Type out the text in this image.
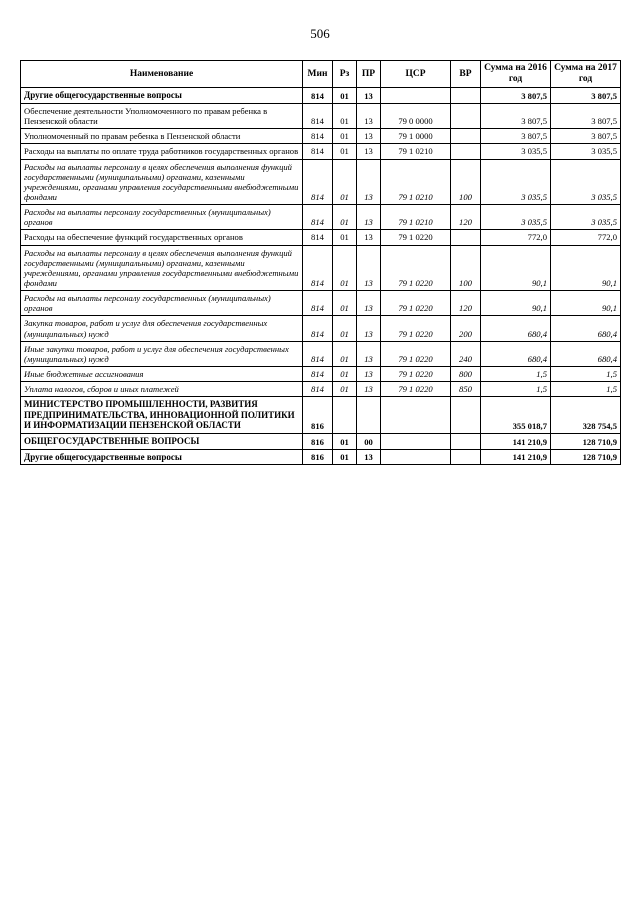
506
Наименование	Мин	Рз	ПР	ЦСР	ВР	Сумма на 2016 год	Сумма на 2017 год
Другие общегосударственные вопросы	814	01	13			3 807,5	3 807,5
Обеспечение деятельности Уполномоченного по правам ребенка в Пензенской области	814	01	13	79 0 0000		3 807,5	3 807,5
Уполномоченный по правам ребенка в Пензенской области	814	01	13	79 1 0000		3 807,5	3 807,5
Расходы на выплаты по оплате труда работников государственных органов	814	01	13	79 1 0210		3 035,5	3 035,5
Расходы на выплаты персоналу в целях обеспечения выполнения функций государственными (муниципальными) органами, казенными учреждениями, органами управления государственными внебюджетными фондами	814	01	13	79 1 0210	100	3 035,5	3 035,5
Расходы на выплаты персоналу государственных (муниципальных) органов	814	01	13	79 1 0210	120	3 035,5	3 035,5
Расходы на обеспечение функций государственных органов	814	01	13	79 1 0220		772,0	772,0
Расходы на выплаты персоналу в целях обеспечения выполнения функций государственными (муниципальными) органами, казенными учреждениями, органами управления государственными внебюджетными фондами	814	01	13	79 1 0220	100	90,1	90,1
Расходы на выплаты персоналу государственных (муниципальных) органов	814	01	13	79 1 0220	120	90,1	90,1
Закупка товаров, работ и услуг для обеспечения государственных (муниципальных) нужд	814	01	13	79 1 0220	200	680,4	680,4
Иные закупки товаров, работ и услуг для обеспечения государственных (муниципальных) нужд	814	01	13	79 1 0220	240	680,4	680,4
Иные бюджетные ассигнования	814	01	13	79 1 0220	800	1,5	1,5
Уплата налогов, сборов и иных платежей	814	01	13	79 1 0220	850	1,5	1,5
МИНИСТЕРСТВО ПРОМЫШЛЕННОСТИ, РАЗВИТИЯ ПРЕДПРИНИМАТЕЛЬСТВА, ИННОВАЦИОННОЙ ПОЛИТИКИ И ИНФОРМАТИЗАЦИИ ПЕНЗЕНСКОЙ ОБЛАСТИ	816					355 018,7	328 754,5
ОБЩЕГОСУДАРСТВЕННЫЕ ВОПРОСЫ	816	01	00			141 210,9	128 710,9
Другие общегосударственные вопросы	816	01	13			141 210,9	128 710,9
